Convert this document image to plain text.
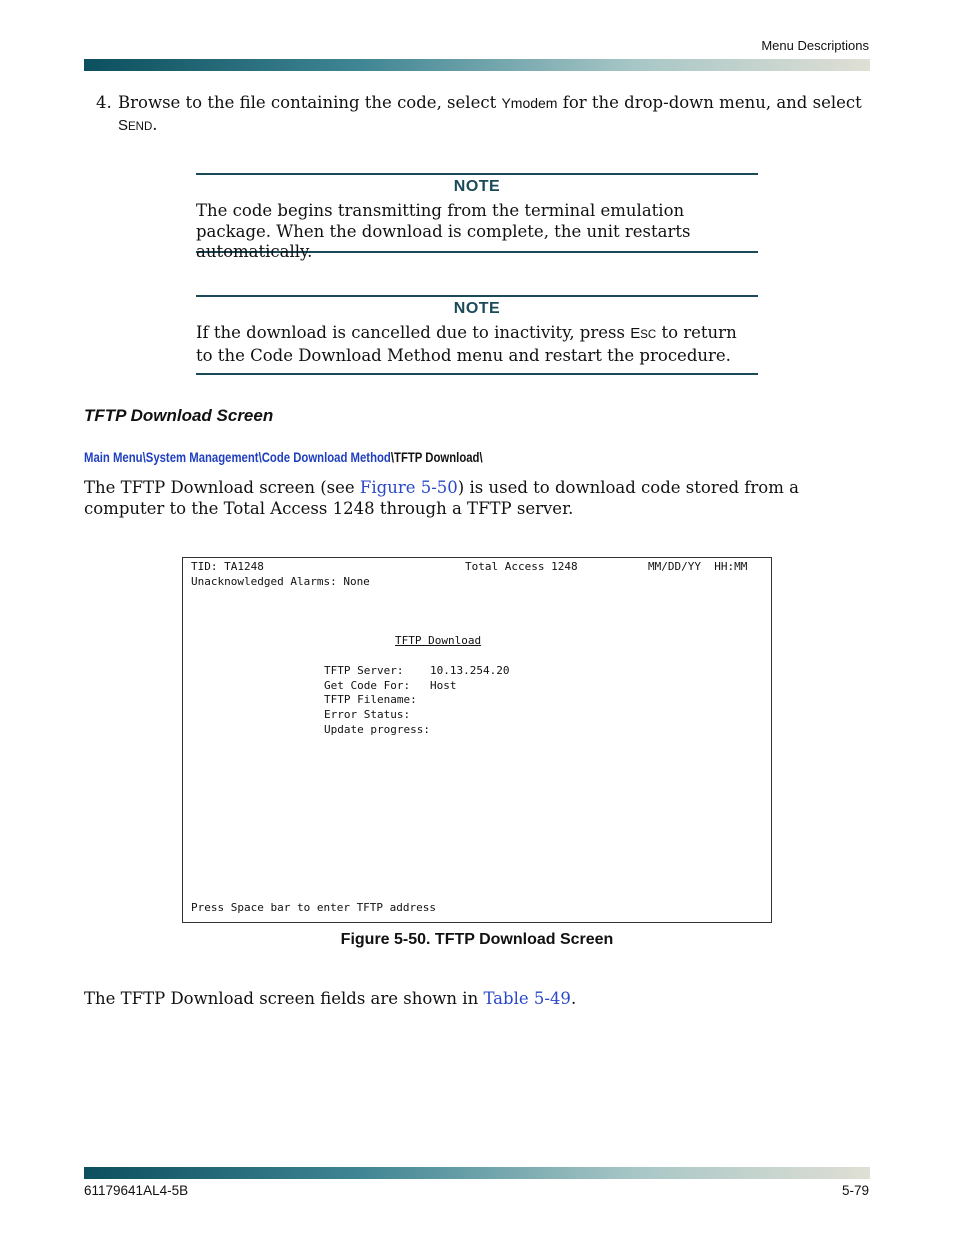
Menu Descriptions
4. Browse to the file containing the code, select Ymodem for the drop-down menu, and select SEND.
NOTE
The code begins transmitting from the terminal emulation package. When the download is complete, the unit restarts automatically.
NOTE
If the download is cancelled due to inactivity, press ESC to return to the Code Download Method menu and restart the procedure.
TFTP Download Screen
Main Menu\System Management\Code Download Method\TFTP Download\
The TFTP Download screen (see Figure 5-50) is used to download code stored from a computer to the Total Access 1248 through a TFTP server.
TID: TA1248	Total Access 1248	MM/DD/YY  HH:MM
Unacknowledged Alarms: None
TFTP Download
TFTP Server: 10.13.254.20
Get Code For: Host
TFTP Filename:
Error Status:
Update progress:
Press Space bar to enter TFTP address
Figure 5-50. TFTP Download Screen
The TFTP Download screen fields are shown in Table 5-49.
61179641AL4-5B	5-79
